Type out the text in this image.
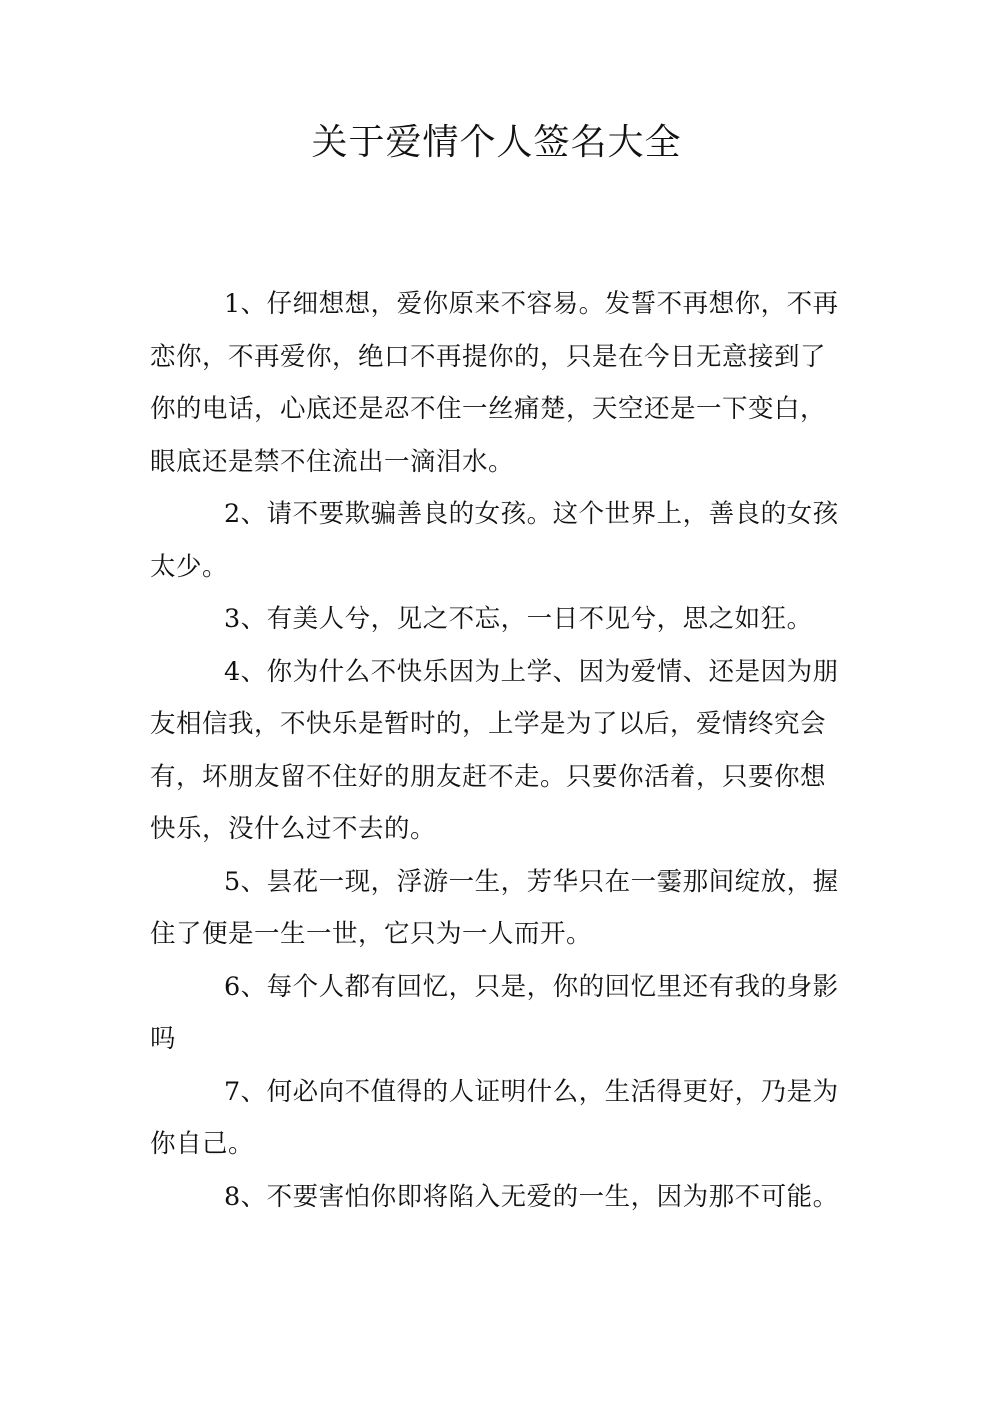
关于爱情个人签名大全

1、仔细想想，爱你原来不容易。发誓不再想你，不再恋你，不再爱你，绝口不再提你的，只是在今日无意接到了你的电话，心底还是忍不住一丝痛楚，天空还是一下变白，眼底还是禁不住流出一滴泪水。

2、请不要欺骗善良的女孩。这个世界上，善良的女孩太少。

3、有美人兮，见之不忘，一日不见兮，思之如狂。

4、你为什么不快乐因为上学、因为爱情、还是因为朋友相信我，不快乐是暂时的，上学是为了以后，爱情终究会有，坏朋友留不住好的朋友赶不走。只要你活着，只要你想快乐，没什么过不去的。

5、昙花一现，浮游一生，芳华只在一霎那间绽放，握住了便是一生一世，它只为一人而开。

6、每个人都有回忆，只是，你的回忆里还有我的身影吗

7、何必向不值得的人证明什么，生活得更好，乃是为你自己。

8、不要害怕你即将陷入无爱的一生，因为那不可能。
